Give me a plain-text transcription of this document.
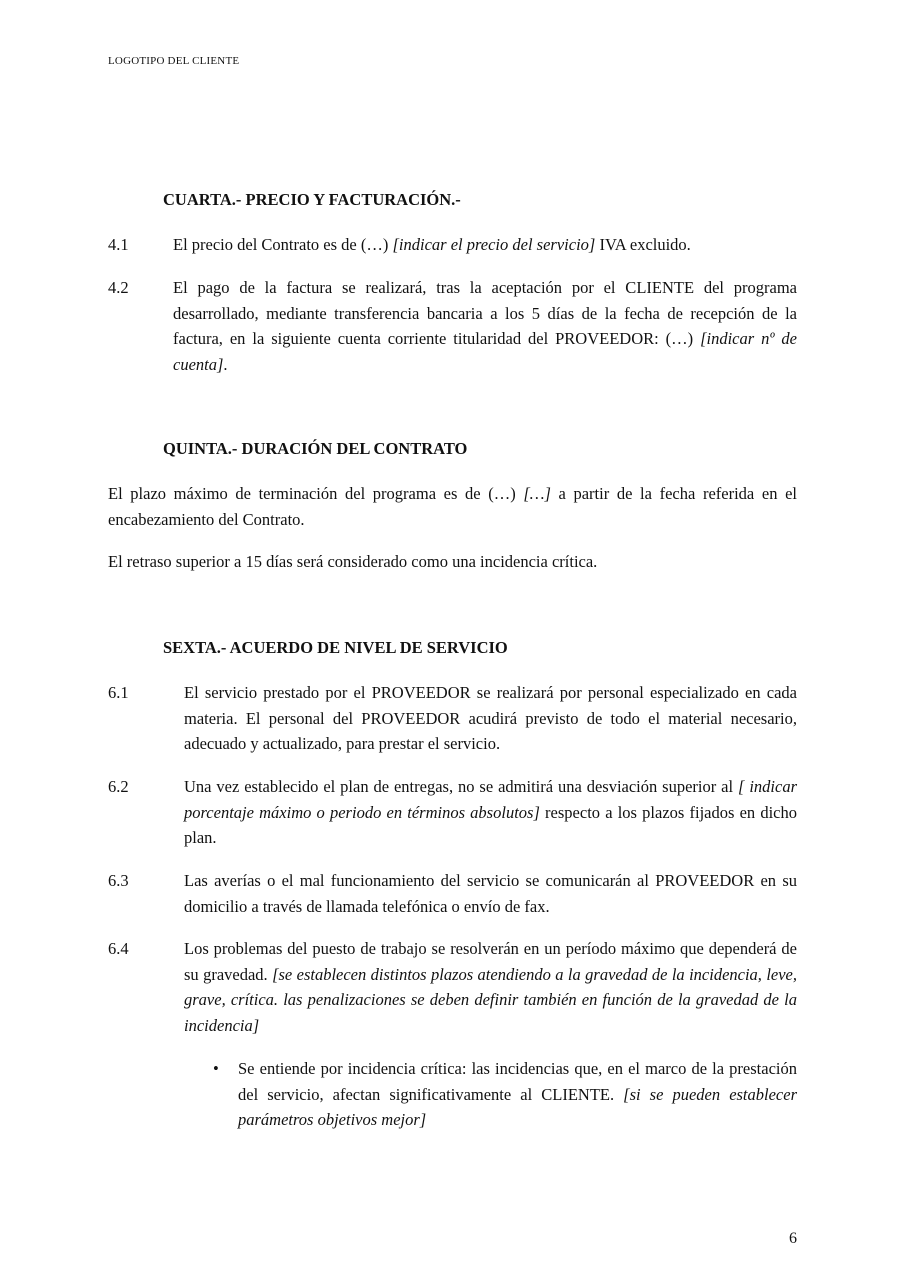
LOGOTIPO DEL CLIENTE
CUARTA.- PRECIO Y FACTURACIÓN.-
4.1	El precio del Contrato es de (…) [indicar el precio del servicio] IVA excluido.
4.2	El pago de la factura se realizará, tras la aceptación por el CLIENTE del programa desarrollado, mediante transferencia bancaria a los 5 días de la fecha de recepción de la factura, en la siguiente cuenta corriente titularidad del PROVEEDOR: (…) [indicar nº de cuenta].
QUINTA.- DURACIÓN DEL CONTRATO
El plazo máximo de terminación del programa es de (…) […] a partir de la fecha referida en el encabezamiento del Contrato.
El retraso superior a 15 días será considerado como una incidencia crítica.
SEXTA.- ACUERDO DE NIVEL DE SERVICIO
6.1	El servicio prestado por el PROVEEDOR se realizará por personal especializado en cada materia. El personal del PROVEEDOR acudirá previsto de todo el material necesario, adecuado y actualizado, para prestar el servicio.
6.2	Una vez establecido el plan de entregas, no se admitirá una desviación superior al [ indicar porcentaje máximo o periodo en términos absolutos] respecto a los plazos fijados en dicho plan.
6.3	Las averías o el mal funcionamiento del servicio se comunicarán al PROVEEDOR en su domicilio a través de llamada telefónica o envío de fax.
6.4	Los problemas del puesto de trabajo se resolverán en un período máximo que dependerá de su gravedad. [se establecen distintos plazos atendiendo a la gravedad de la incidencia, leve, grave, crítica. las penalizaciones se deben definir también en función de la gravedad de la incidencia]
• Se entiende por incidencia crítica: las incidencias que, en el marco de la prestación del servicio, afectan significativamente al CLIENTE. [si se pueden establecer parámetros objetivos mejor]
6
